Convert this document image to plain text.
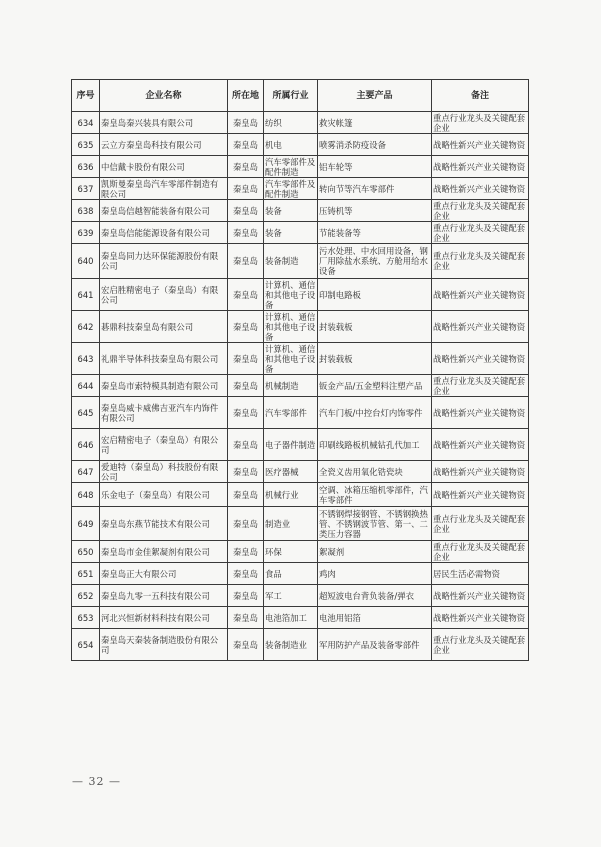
序号	企业名称	所在地	所属行业	主要产品	备注
634	秦皇岛秦兴装具有限公司	秦皇岛	纺织	救灾帐篷	重点行业龙头及关键配套企业
635	云立方秦皇岛科技有限公司	秦皇岛	机电	喷雾消杀防疫设备	战略性新兴产业关键物资
636	中信戴卡股份有限公司	秦皇岛	汽车零部件及配件制造	铝车轮等	战略性新兴产业关键物资
637	凯斯曼秦皇岛汽车零部件制造有限公司	秦皇岛	汽车零部件及配件制造	转向节等汽车零部件	战略性新兴产业关键物资
638	秦皇岛信越智能装备有限公司	秦皇岛	装备	压铸机等	重点行业龙头及关键配套企业
639	秦皇岛信能能源设备有限公司	秦皇岛	装备	节能装备等	重点行业龙头及关键配套企业
640	秦皇岛同力达环保能源股份有限公司	秦皇岛	装备制造	污水处理、中水回用设备，钢厂用除盐水系统、方舱用给水设备	重点行业龙头及关键配套企业
641	宏启胜精密电子（秦皇岛）有限公司	秦皇岛	计算机、通信和其他电子设备	印制电路板	战略性新兴产业关键物资
642	碁鼎科技秦皇岛有限公司	秦皇岛	计算机、通信和其他电子设备	封装载板	战略性新兴产业关键物资
643	礼鼎半导体科技秦皇岛有限公司	秦皇岛	计算机、通信和其他电子设备	封装载板	战略性新兴产业关键物资
644	秦皇岛市索特模具制造有限公司	秦皇岛	机械制造	钣金产品/五金塑料注塑产品	重点行业龙头及关键配套企业
645	秦皇岛威卡威佛吉亚汽车内饰件有限公司	秦皇岛	汽车零部件	汽车门板/中控台灯内饰零件	战略性新兴产业关键物资
646	宏启精密电子（秦皇岛）有限公司	秦皇岛	电子器件制造	印刷线路板机械钻孔代加工	战略性新兴产业关键物资
647	爱迪特（秦皇岛）科技股份有限公司	秦皇岛	医疗器械	全瓷义齿用氧化锆瓷块	战略性新兴产业关键物资
648	乐金电子（秦皇岛）有限公司	秦皇岛	机械行业	空调、冰箱压缩机零部件，汽车零部件	战略性新兴产业关键物资
649	秦皇岛东燕节能技术有限公司	秦皇岛	制造业	不锈钢焊接钢管、不锈钢换热管、不锈钢波节管、第一、二类压力容器	重点行业龙头及关键配套企业
650	秦皇岛市金佳絮凝剂有限公司	秦皇岛	环保	絮凝剂	重点行业龙头及关键配套企业
651	秦皇岛正大有限公司	秦皇岛	食品	鸡肉	居民生活必需物资
652	秦皇岛九零一五科技有限公司	秦皇岛	军工	超短波电台背负装备/弹衣	战略性新兴产业关键物资
653	河北兴恒新材料科技有限公司	秦皇岛	电池箔加工	电池用铝箔	战略性新兴产业关键物资
654	秦皇岛天秦装备制造股份有限公司	秦皇岛	装备制造业	军用防护产品及装备零部件	重点行业龙头及关键配套企业
— 32 —
